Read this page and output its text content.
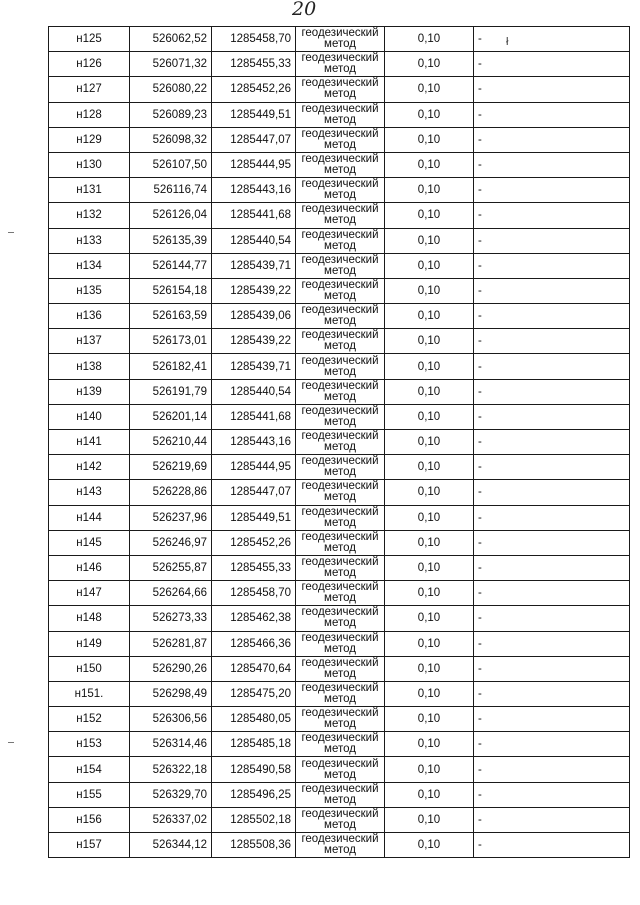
20
ł
н125	526062,52	1285458,70	геодезический метод	0,10	-
н126	526071,32	1285455,33	геодезический метод	0,10	-
н127	526080,22	1285452,26	геодезический метод	0,10	-
н128	526089,23	1285449,51	геодезический метод	0,10	-
н129	526098,32	1285447,07	геодезический метод	0,10	-
н130	526107,50	1285444,95	геодезический метод	0,10	-
н131	526116,74	1285443,16	геодезический метод	0,10	-
н132	526126,04	1285441,68	геодезический метод	0,10	-
н133	526135,39	1285440,54	геодезический метод	0,10	-
н134	526144,77	1285439,71	геодезический метод	0,10	-
н135	526154,18	1285439,22	геодезический метод	0,10	-
н136	526163,59	1285439,06	геодезический метод	0,10	-
н137	526173,01	1285439,22	геодезический метод	0,10	-
н138	526182,41	1285439,71	геодезический метод	0,10	-
н139	526191,79	1285440,54	геодезический метод	0,10	-
н140	526201,14	1285441,68	геодезический метод	0,10	-
н141	526210,44	1285443,16	геодезический метод	0,10	-
н142	526219,69	1285444,95	геодезический метод	0,10	-
н143	526228,86	1285447,07	геодезический метод	0,10	-
н144	526237,96	1285449,51	геодезический метод	0,10	-
н145	526246,97	1285452,26	геодезический метод	0,10	-
н146	526255,87	1285455,33	геодезический метод	0,10	-
н147	526264,66	1285458,70	геодезический метод	0,10	-
н148	526273,33	1285462,38	геодезический метод	0,10	-
н149	526281,87	1285466,36	геодезический метод	0,10	-
н150	526290,26	1285470,64	геодезический метод	0,10	-
н151.	526298,49	1285475,20	геодезический метод	0,10	-
н152	526306,56	1285480,05	геодезический метод	0,10	-
н153	526314,46	1285485,18	геодезический метод	0,10	-
н154	526322,18	1285490,58	геодезический метод	0,10	-
н155	526329,70	1285496,25	геодезический метод	0,10	-
н156	526337,02	1285502,18	геодезический метод	0,10	-
н157	526344,12	1285508,36	геодезический метод	0,10	-
